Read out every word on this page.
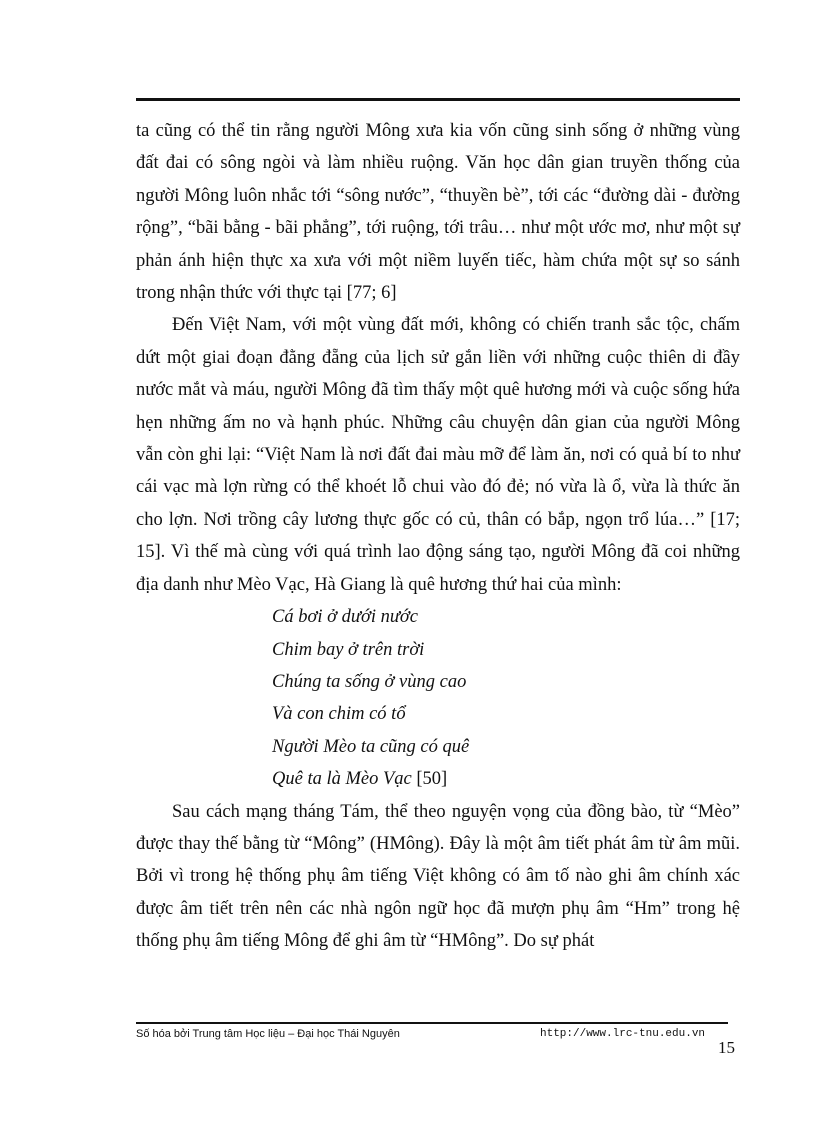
ta cũng có thể tin rằng người Mông xưa kia vốn cũng sinh sống ở những vùng đất đai có sông ngòi và làm nhiều ruộng. Văn học dân gian truyền thống của người Mông luôn nhắc tới “sông nước”, “thuyền bè”, tới các “đường dài - đường rộng”, “bãi bằng - bãi phẳng”, tới ruộng, tới trâu… như một ước mơ, như một sự phản ánh hiện thực xa xưa với một niềm luyến tiếc, hàm chứa một sự so sánh trong nhận thức với thực tại [77; 6]

Đến Việt Nam, với một vùng đất mới, không có chiến tranh sắc tộc, chấm dứt một giai đoạn đằng đẵng của lịch sử gắn liền với những cuộc thiên di đầy nước mắt và máu, người Mông đã tìm thấy một quê hương mới và cuộc sống hứa hẹn những ấm no và hạnh phúc. Những câu chuyện dân gian của người Mông vẫn còn ghi lại: “Việt Nam là nơi đất đai màu mỡ để làm ăn, nơi có quả bí to như cái vạc mà lợn rừng có thể khoét lỗ chui vào đó đẻ; nó vừa là ổ, vừa là thức ăn cho lợn. Nơi trồng cây lương thực gốc có củ, thân có bắp, ngọn trổ lúa…” [17; 15]. Vì thế mà cùng với quá trình lao động sáng tạo, người Mông đã coi những địa danh như Mèo Vạc, Hà Giang là quê hương thứ hai của mình:

Cá bơi ở dưới nước
Chim bay ở trên trời
Chúng ta sống ở vùng cao
Và con chim có tổ
Người Mèo ta cũng có quê
Quê ta là Mèo Vạc [50]

Sau cách mạng tháng Tám, thể theo nguyện vọng của đồng bào, từ “Mèo” được thay thế bằng từ “Mông” (HMông). Đây là một âm tiết phát âm từ âm mũi. Bởi vì trong hệ thống phụ âm tiếng Việt không có âm tố nào ghi âm chính xác được âm tiết trên nên các nhà ngôn ngữ học đã mượn phụ âm “Hm” trong hệ thống phụ âm tiếng Mông để ghi âm từ “HMông”. Do sự phát

Số hóa bởi Trung tâm Học liệu – Đại học Thái Nguyên	http://www.lrc-tnu.edu.vn
15
